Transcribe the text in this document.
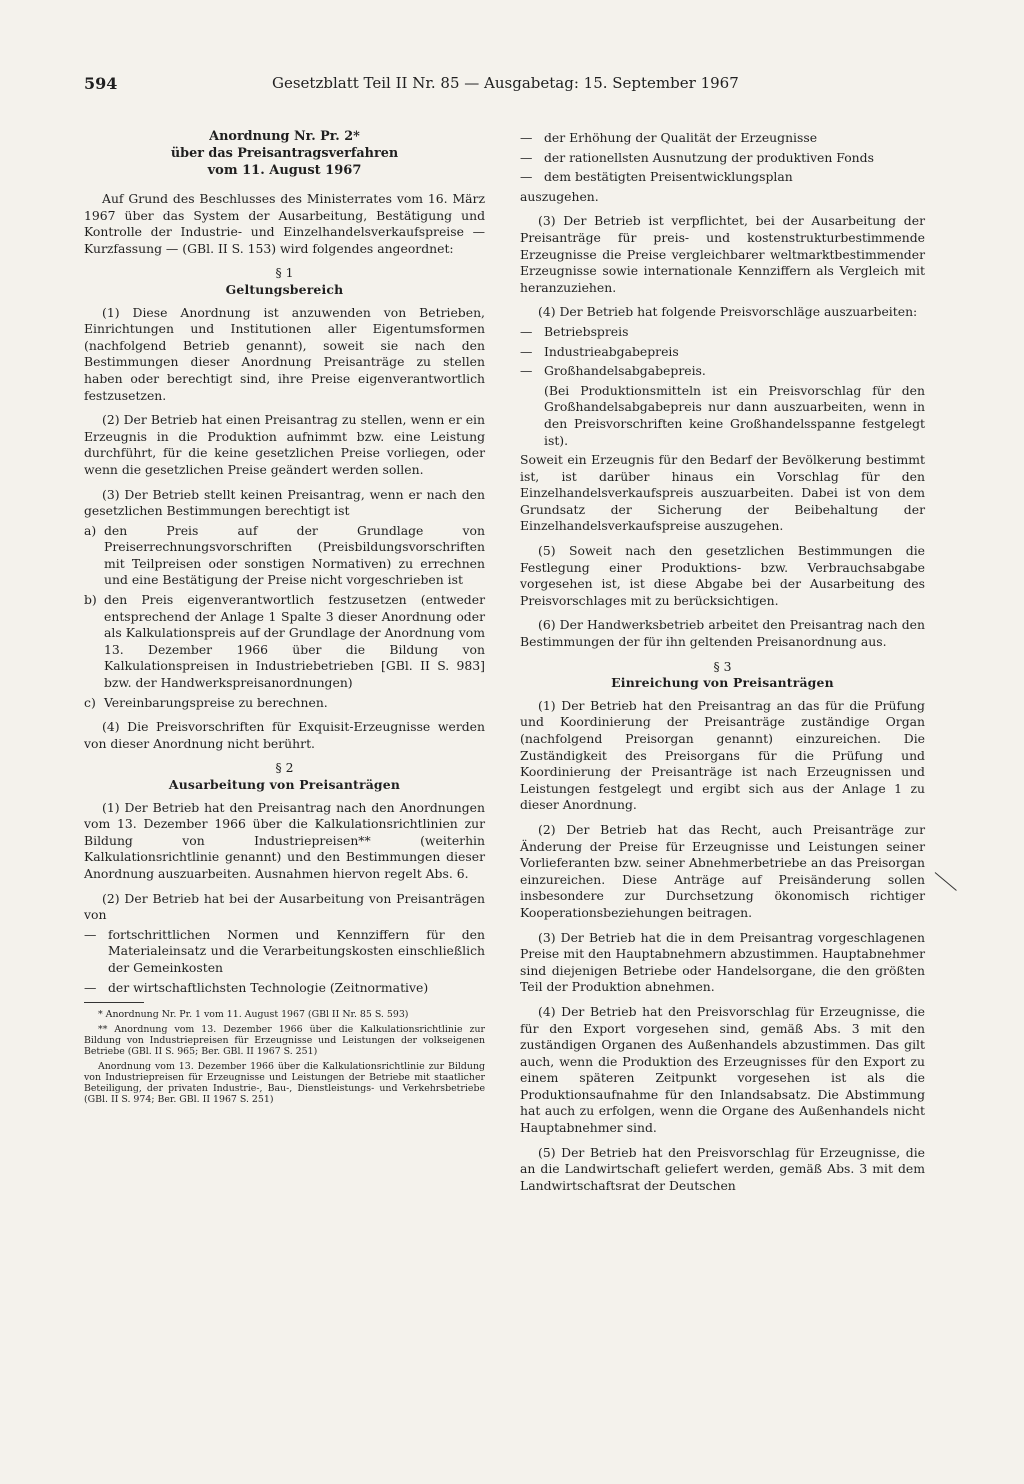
594	Gesetzblatt Teil II Nr. 85 — Ausgabetag: 15. September 1967

Anordnung Nr. Pr. 2*

über das Preisantragsverfahren

vom 11. August 1967

Auf Grund des Beschlusses des Ministerrates vom 16. März 1967 über das System der Ausarbeitung, Bestätigung und Kontrolle der Industrie- und Einzelhandelsverkaufspreise — Kurzfassung — (GBl. II S. 153) wird folgendes angeordnet:

§ 1

Geltungsbereich

(1) Diese Anordnung ist anzuwenden von Betrieben, Einrichtungen und Institutionen aller Eigentumsformen (nachfolgend Betrieb genannt), soweit sie nach den Bestimmungen dieser Anordnung Preisanträge zu stellen haben oder berechtigt sind, ihre Preise eigenverantwortlich festzusetzen.

(2) Der Betrieb hat einen Preisantrag zu stellen, wenn er ein Erzeugnis in die Produktion aufnimmt bzw. eine Leistung durchführt, für die keine gesetzlichen Preise vorliegen, oder wenn die gesetzlichen Preise geändert werden sollen.

(3) Der Betrieb stellt keinen Preisantrag, wenn er nach den gesetzlichen Bestimmungen berechtigt ist

a) den Preis auf der Grundlage von Preiserrechnungsvorschriften (Preisbildungsvorschriften mit Teilpreisen oder sonstigen Normativen) zu errechnen und eine Bestätigung der Preise nicht vorgeschrieben ist
b) den Preis eigenverantwortlich festzusetzen (entweder entsprechend der Anlage 1 Spalte 3 dieser Anordnung oder als Kalkulationspreis auf der Grundlage der Anordnung vom 13. Dezember 1966 über die Bildung von Kalkulationspreisen in Industriebetrieben [GBl. II S. 983] bzw. der Handwerkspreisanordnungen)
c) Vereinbarungspreise zu berechnen.

(4) Die Preisvorschriften für Exquisit-Erzeugnisse werden von dieser Anordnung nicht berührt.

§ 2

Ausarbeitung von Preisanträgen

(1) Der Betrieb hat den Preisantrag nach den Anordnungen vom 13. Dezember 1966 über die Kalkulationsrichtlinien zur Bildung von Industriepreisen** (weiterhin Kalkulationsrichtlinie genannt) und den Bestimmungen dieser Anordnung auszuarbeiten. Ausnahmen hiervon regelt Abs. 6.

(2) Der Betrieb hat bei der Ausarbeitung von Preisanträgen von

— fortschrittlichen Normen und Kennziffern für den Materialeinsatz und die Verarbeitungskosten einschließlich der Gemeinkosten
— der wirtschaftlichsten Technologie (Zeitnormative)

* Anordnung Nr. Pr. 1 vom 11. August 1967 (GBl II Nr. 85 S. 593)

** Anordnung vom 13. Dezember 1966 über die Kalkulationsrichtlinie zur Bildung von Industriepreisen für Erzeugnisse und Leistungen der volkseigenen Betriebe (GBl. II S. 965; Ber. GBl. II 1967 S. 251)

Anordnung vom 13. Dezember 1966 über die Kalkulationsrichtlinie zur Bildung von Industriepreisen für Erzeugnisse und Leistungen der Betriebe mit staatlicher Beteiligung, der privaten Industrie-, Bau-, Dienstleistungs- und Verkehrsbetriebe (GBl. II S. 974; Ber. GBl. II 1967 S. 251)

— der Erhöhung der Qualität der Erzeugnisse
— der rationellsten Ausnutzung der produktiven Fonds
— dem bestätigten Preisentwicklungsplan

auszugehen.

(3) Der Betrieb ist verpflichtet, bei der Ausarbeitung der Preisanträge für preis- und kostenstrukturbestimmende Erzeugnisse die Preise vergleichbarer weltmarktbestimmender Erzeugnisse sowie internationale Kennziffern als Vergleich mit heranzuziehen.

(4) Der Betrieb hat folgende Preisvorschläge auszuarbeiten:

— Betriebspreis
— Industrieabgabepreis
— Großhandelsabgabepreis.

(Bei Produktionsmitteln ist ein Preisvorschlag für den Großhandelsabgabepreis nur dann auszuarbeiten, wenn in den Preisvorschriften keine Großhandelsspanne festgelegt ist).

Soweit ein Erzeugnis für den Bedarf der Bevölkerung bestimmt ist, ist darüber hinaus ein Vorschlag für den Einzelhandelsverkaufspreis auszuarbeiten. Dabei ist von dem Grundsatz der Sicherung der Beibehaltung der Einzelhandelsverkaufspreise auszugehen.

(5) Soweit nach den gesetzlichen Bestimmungen die Festlegung einer Produktions- bzw. Verbrauchsabgabe vorgesehen ist, ist diese Abgabe bei der Ausarbeitung des Preisvorschlages mit zu berücksichtigen.

(6) Der Handwerksbetrieb arbeitet den Preisantrag nach den Bestimmungen der für ihn geltenden Preisanordnung aus.

§ 3

Einreichung von Preisanträgen

(1) Der Betrieb hat den Preisantrag an das für die Prüfung und Koordinierung der Preisanträge zuständige Organ (nachfolgend Preisorgan genannt) einzureichen. Die Zuständigkeit des Preisorgans für die Prüfung und Koordinierung der Preisanträge ist nach Erzeugnissen und Leistungen festgelegt und ergibt sich aus der Anlage 1 zu dieser Anordnung.

(2) Der Betrieb hat das Recht, auch Preisanträge zur Änderung der Preise für Erzeugnisse und Leistungen seiner Vorlieferanten bzw. seiner Abnehmerbetriebe an das Preisorgan einzureichen. Diese Anträge auf Preisänderung sollen insbesondere zur Durchsetzung ökonomisch richtiger Kooperationsbeziehungen beitragen.

(3) Der Betrieb hat die in dem Preisantrag vorgeschlagenen Preise mit den Hauptabnehmern abzustimmen. Hauptabnehmer sind diejenigen Betriebe oder Handelsorgane, die den größten Teil der Produktion abnehmen.

(4) Der Betrieb hat den Preisvorschlag für Erzeugnisse, die für den Export vorgesehen sind, gemäß Abs. 3 mit den zuständigen Organen des Außenhandels abzustimmen. Das gilt auch, wenn die Produktion des Erzeugnisses für den Export zu einem späteren Zeitpunkt vorgesehen ist als die Produktionsaufnahme für den Inlandsabsatz. Die Abstimmung hat auch zu erfolgen, wenn die Organe des Außenhandels nicht Hauptabnehmer sind.

(5) Der Betrieb hat den Preisvorschlag für Erzeugnisse, die an die Landwirtschaft geliefert werden, gemäß Abs. 3 mit dem Landwirtschaftsrat der Deutschen
